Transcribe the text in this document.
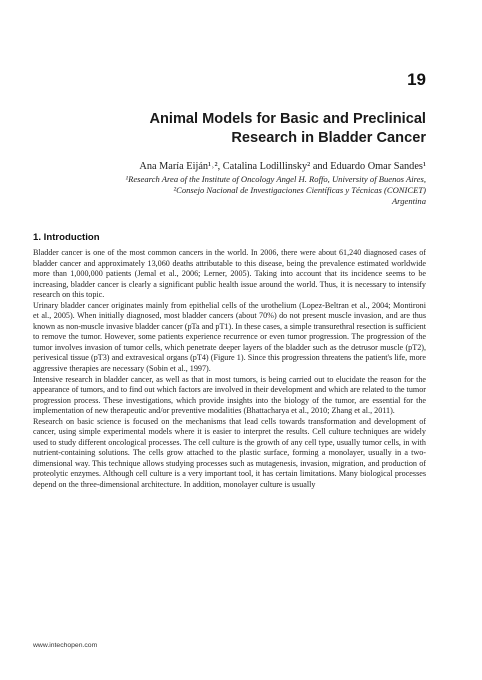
19
Animal Models for Basic and Preclinical
Research in Bladder Cancer
Ana María Eiján¹˒², Catalina Lodillinsky² and Eduardo Omar Sandes¹
¹Research Area of the Institute of Oncology Angel H. Roffo, University of Buenos Aires,
²Consejo Nacional de Investigaciones Científicas y Técnicas (CONICET)
Argentina
1. Introduction

Bladder cancer is one of the most common cancers in the world. In 2006, there were about 61,240 diagnosed cases of bladder cancer and approximately 13,060 deaths attributable to this disease, being the prevalence estimated worldwide more than 1,000,000 patients (Jemal et al., 2006; Lerner, 2005). Taking into account that its incidence seems to be increasing, bladder cancer is clearly a significant public health issue around the world. Thus, it is necessary to intensify research on this topic.

Urinary bladder cancer originates mainly from epithelial cells of the urothelium (Lopez-Beltran et al., 2004; Montironi et al., 2005). When initially diagnosed, most bladder cancers (about 70%) do not present muscle invasion, and are thus known as non-muscle invasive bladder cancer (pTa and pT1). In these cases, a simple transurethral resection is sufficient to remove the tumor. However, some patients experience recurrence or even tumor progression. The progression of the tumor involves invasion of tumor cells, which penetrate deeper layers of the bladder such as the detrusor muscle (pT2), perivesical tissue (pT3) and extravesical organs (pT4) (Figure 1). Since this progression threatens the patient's life, more aggressive therapies are necessary (Sobin et al., 1997).

Intensive research in bladder cancer, as well as that in most tumors, is being carried out to elucidate the reason for the appearance of tumors, and to find out which factors are involved in their development and which are related to the tumor progression process. These investigations, which provide insights into the biology of the tumor, are essential for the implementation of new therapeutic and/or preventive modalities (Bhattacharya et al., 2010; Zhang et al., 2011).

Research on basic science is focused on the mechanisms that lead cells towards transformation and development of cancer, using simple experimental models where it is easier to interpret the results. Cell culture techniques are widely used to study different oncological processes. The cell culture is the growth of any cell type, usually tumor cells, in with nutrient-containing solutions. The cells grow attached to the plastic surface, forming a monolayer, usually in a two-dimensional way. This technique allows studying processes such as mutagenesis, invasion, migration, and production of proteolytic enzymes. Although cell culture is a very important tool, it has certain limitations. Many biological processes depend on the three-dimensional architecture. In addition, monolayer culture is usually

www.intechopen.com
